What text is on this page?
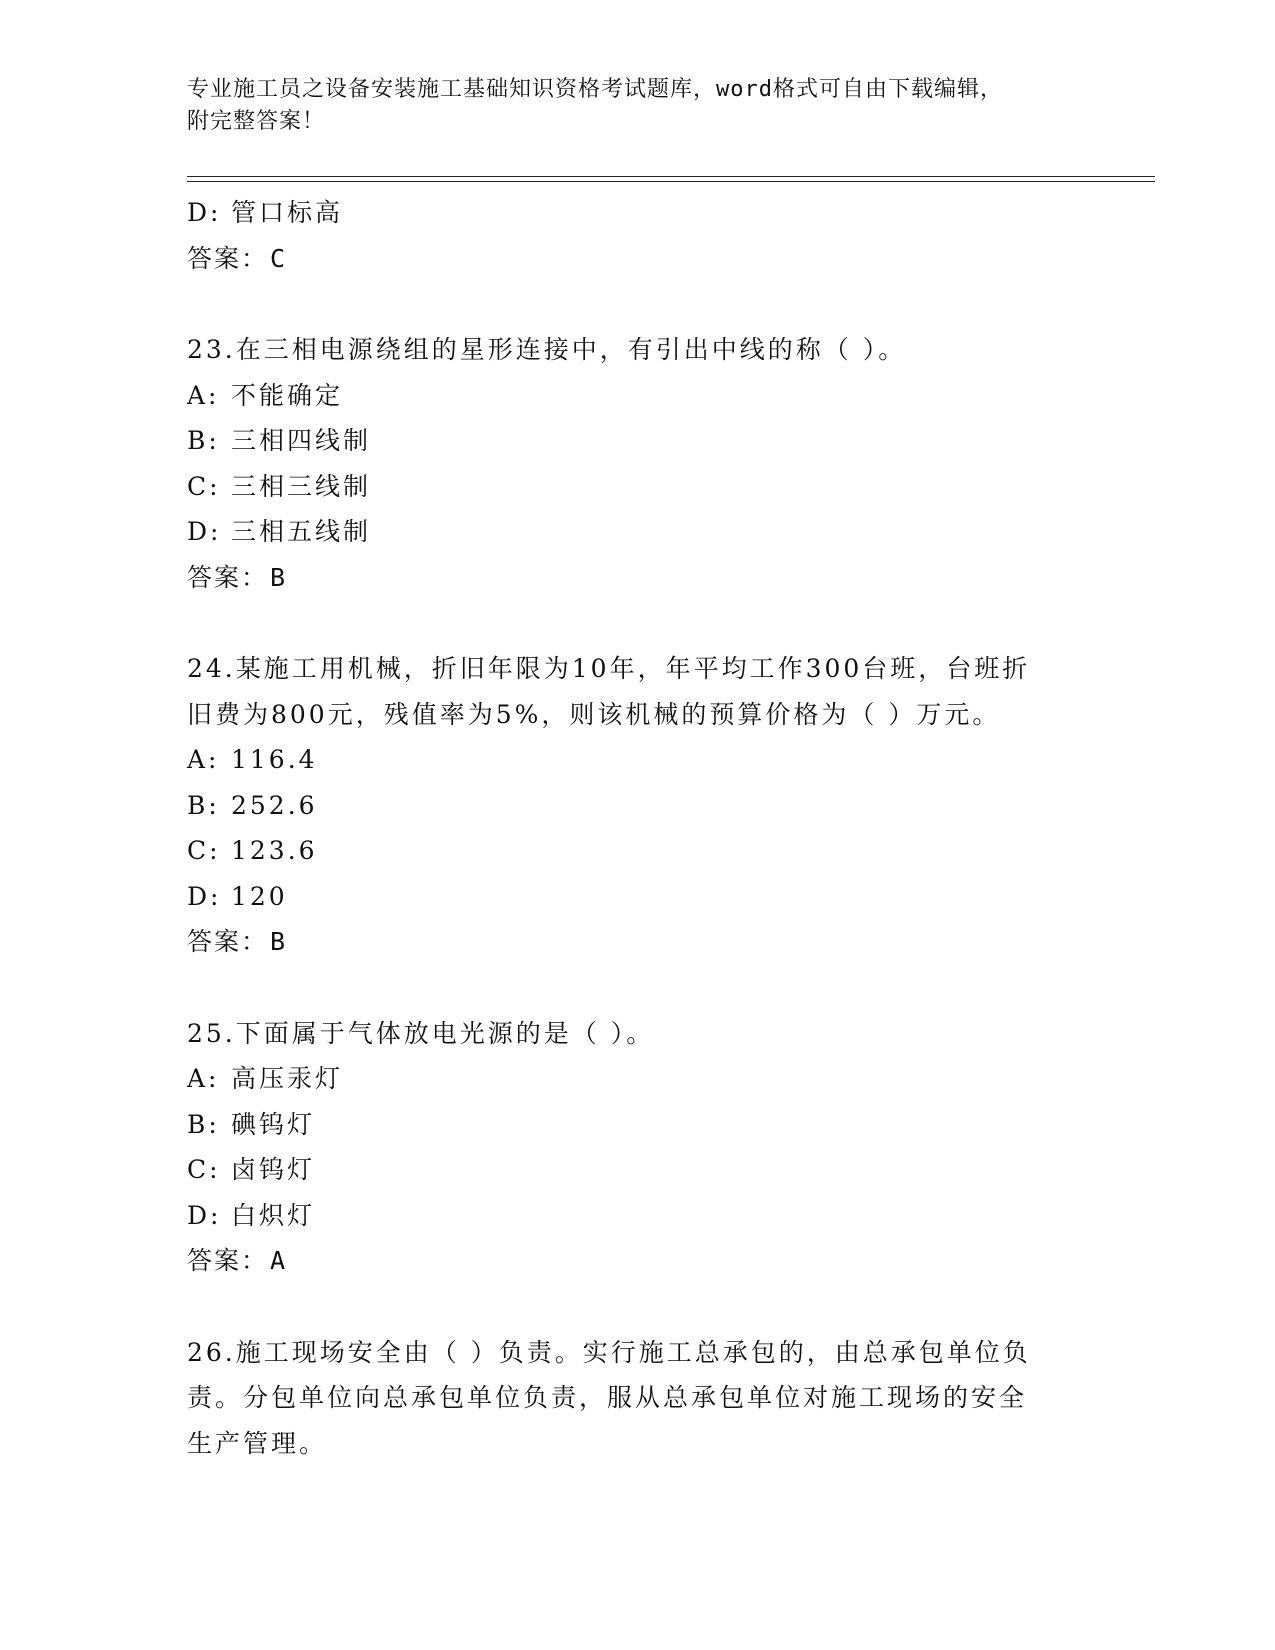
专业施工员之设备安装施工基础知识资格考试题库，word格式可自由下载编辑，
附完整答案！
D: 管口标高
答案：C
23.在三相电源绕组的星形连接中，有引出中线的称（ ）。
A: 不能确定
B: 三相四线制
C: 三相三线制
D: 三相五线制
答案：B
24.某施工用机械，折旧年限为10年，年平均工作300台班，台班折
旧费为800元，残值率为5%，则该机械的预算价格为（ ）万元。
A: 116.4
B: 252.6
C: 123.6
D: 120
答案：B
25.下面属于气体放电光源的是（ ）。
A: 高压汞灯
B: 碘钨灯
C: 卤钨灯
D: 白炽灯
答案：A
26.施工现场安全由（ ）负责。实行施工总承包的，由总承包单位负
责。分包单位向总承包单位负责，服从总承包单位对施工现场的安全
生产管理。
